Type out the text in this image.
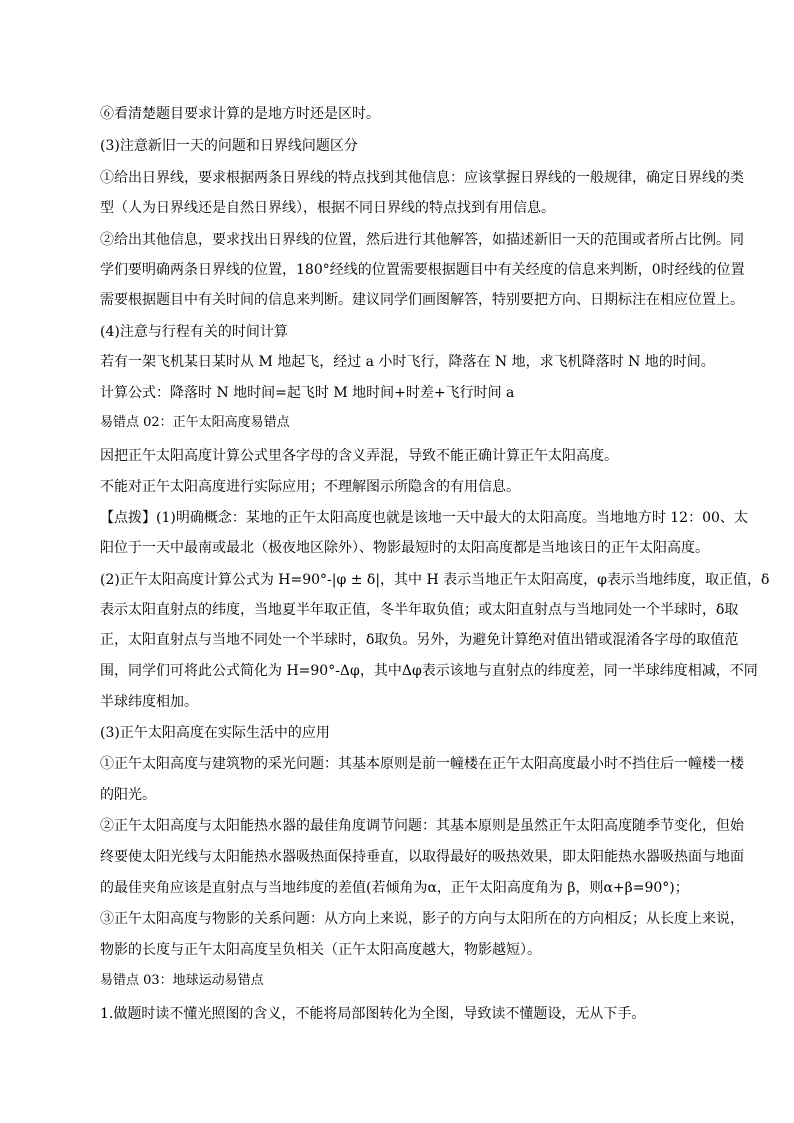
⑥看清楚题目要求计算的是地方时还是区时。
(3)注意新旧一天的问题和日界线问题区分
①给出日界线，要求根据两条日界线的特点找到其他信息：应该掌握日界线的一般规律，确定日界线的类
型（人为日界线还是自然日界线），根据不同日界线的特点找到有用信息。
②给出其他信息，要求找出日界线的位置，然后进行其他解答，如描述新旧一天的范围或者所占比例。同
学们要明确两条日界线的位置，180°经线的位置需要根据题目中有关经度的信息来判断，0时经线的位置
需要根据题目中有关时间的信息来判断。建议同学们画图解答，特别要把方向、日期标注在相应位置上。
(4)注意与行程有关的时间计算
若有一架飞机某日某时从 M 地起飞，经过 a 小时飞行，降落在 N 地，求飞机降落时 N 地的时间。
计算公式：降落时 N 地时间=起飞时 M 地时间+时差+飞行时间 a
易错点 02：正午太阳高度易错点
因把正午太阳高度计算公式里各字母的含义弄混，导致不能正确计算正午太阳高度。
不能对正午太阳高度进行实际应用；不理解图示所隐含的有用信息。
【点拨】(1)明确概念：某地的正午太阳高度也就是该地一天中最大的太阳高度。当地地方时 12：00、太
阳位于一天中最南或最北（极夜地区除外）、物影最短时的太阳高度都是当地该日的正午太阳高度。
(2)正午太阳高度计算公式为 H=90°-|φ ± δ|，其中 H 表示当地正午太阳高度，φ表示当地纬度，取正值，δ
表示太阳直射点的纬度，当地夏半年取正值，冬半年取负值；或太阳直射点与当地同处一个半球时，δ取
正，太阳直射点与当地不同处一个半球时，δ取负。另外，为避免计算绝对值出错或混淆各字母的取值范
围，同学们可将此公式简化为 H=90°-Δφ，其中Δφ表示该地与直射点的纬度差，同一半球纬度相减，不同
半球纬度相加。
(3)正午太阳高度在实际生活中的应用
①正午太阳高度与建筑物的采光问题：其基本原则是前一幢楼在正午太阳高度最小时不挡住后一幢楼一楼
的阳光。
②正午太阳高度与太阳能热水器的最佳角度调节问题：其基本原则是虽然正午太阳高度随季节变化，但始
终要使太阳光线与太阳能热水器吸热面保持垂直，以取得最好的吸热效果，即太阳能热水器吸热面与地面
的最佳夹角应该是直射点与当地纬度的差值(若倾角为α，正午太阳高度角为 β，则α+β=90°)；
③正午太阳高度与物影的关系问题：从方向上来说，影子的方向与太阳所在的方向相反；从长度上来说，
物影的长度与正午太阳高度呈负相关（正午太阳高度越大，物影越短）。
易错点 03：地球运动易错点
1.做题时读不懂光照图的含义，不能将局部图转化为全图，导致读不懂题设，无从下手。
